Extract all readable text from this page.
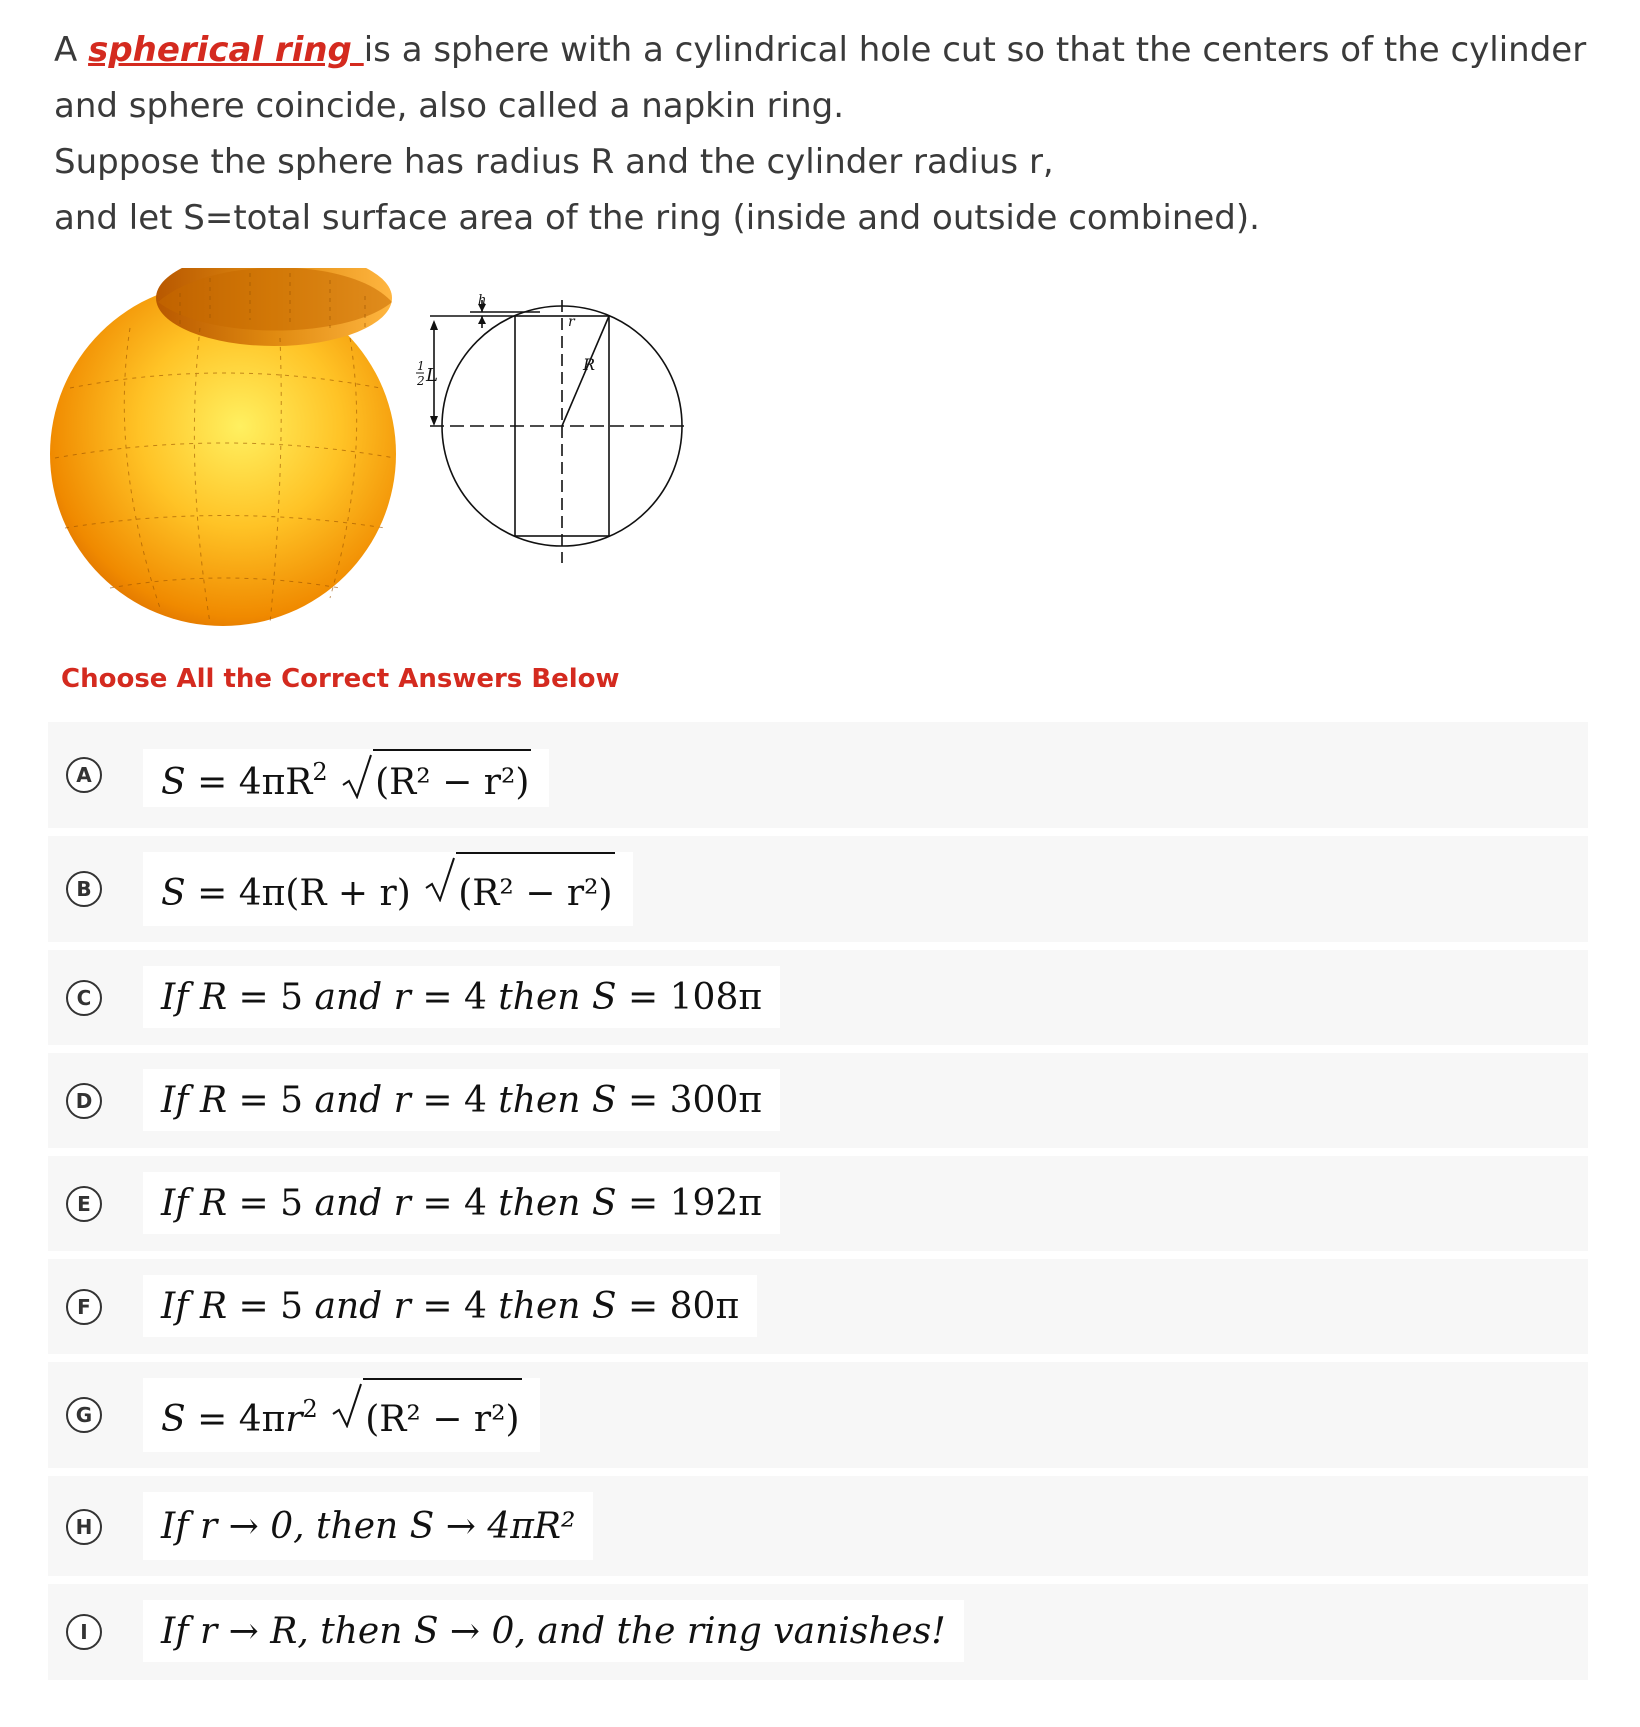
A spherical ring is a sphere with a cylindrical hole cut so that the centers of the cylinder and sphere coincide, also called a napkin ring.

Suppose the sphere has radius R and the cylinder radius r,

and let S=total surface area of the ring (inside and outside combined).

1
2 L
h
r
R
Choose All the Correct Answers Below
A	$S = 4\pi R^2$ (R² − r²)
B	S = 4π(R + r) (R² − r²)
C	If R = 5 and r = 4 then S = 108π
D	If R = 5 and r = 4 then S = 300π
E	If R = 5 and r = 4 then S = 192π
F	If R = 5 and r = 4 then S = 80π
G	$S = 4\pi r^2$ (R² − r²)
H	If r → 0, then S → 4πR²
I	If r → R, then S → 0, and the ring vanishes!
